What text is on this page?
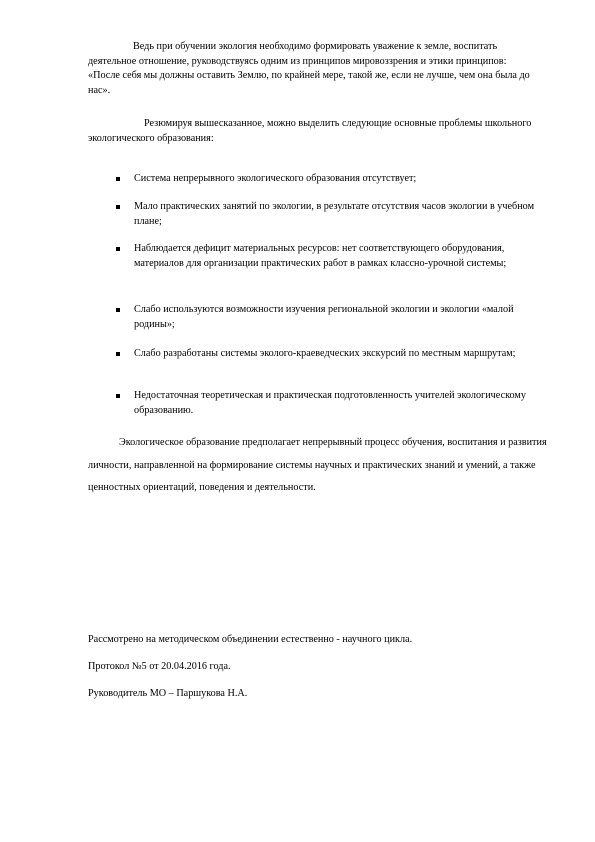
Ведь при обучении экология необходимо формировать уважение к земле, воспитать деятельное отношение, руководствуясь одним из принципов мировоззрения и этики принципов: «После себя мы должны оставить Землю, по крайней мере, такой же, если не лучше, чем она была до нас».

Резюмируя вышесказанное, можно выделить следующие основные проблемы школьного экологического образования:

Система непрерывного экологического образования отсутствует;
Мало практических занятий по экологии, в результате отсутствия часов экологии в учебном плане;
Наблюдается дефицит материальных ресурсов: нет соответствующего оборудования, материалов для организации практических работ в рамках классно-урочной системы;
Слабо используются возможности изучения региональной экологии и экологии «малой родины»;
Слабо разработаны системы эколого-краеведческих экскурсий по местным маршрутам;
Недостаточная теоретическая и практическая подготовленность учителей экологическому образованию.

Экологическое образование предполагает непрерывный процесс обучения, воспитания и развития личности, направленной на формирование системы научных и практических знаний и умений, а также ценностных ориентаций, поведения и деятельности.

Рассмотрено на методическом объединении естественно - научного цикла.
Протокол №5 от 20.04.2016 года.
Руководитель МО – Паршукова Н.А.
